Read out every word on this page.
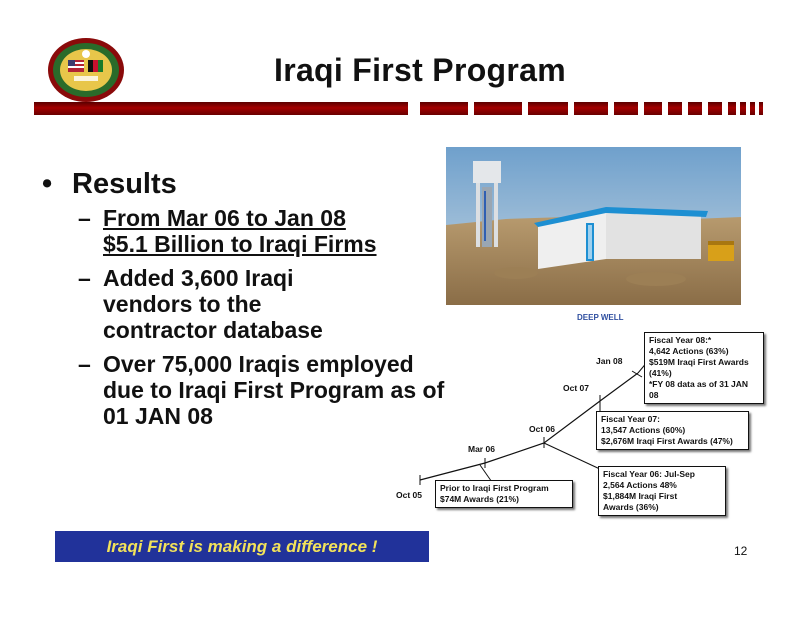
Iraqi First Program
• Results
– From Mar 06 to Jan 08
$5.1 Billion to Iraqi Firms
– Added 3,600 Iraqi vendors to the contractor database
– Over 75,000 Iraqis employed due to Iraqi First Program as of 01 JAN 08
DEEP WELL
Oct 05
Mar 06
Oct 06
Oct 07
Jan 08
Prior to Iraqi First Program
$74M Awards (21%)
Fiscal Year 06: Jul-Sep
2,564 Actions 48%
$1,884M Iraqi First
Awards (36%)
Fiscal Year 07:
13,547 Actions (60%)
$2,676M Iraqi First Awards (47%)
Fiscal Year 08:*
4,642 Actions (63%)
$519M Iraqi First Awards
(41%)
*FY 08 data as of 31 JAN 08
Iraqi First is making a difference !	12
